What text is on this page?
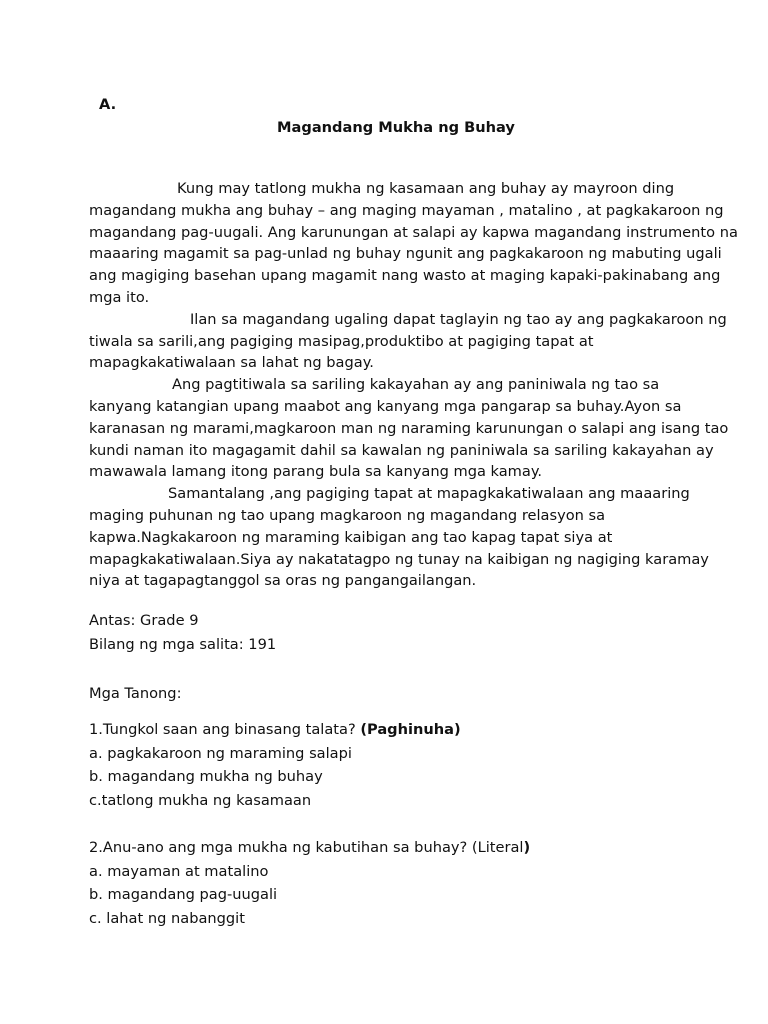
A.
Magandang Mukha ng Buhay

Kung may tatlong mukha ng kasamaan ang buhay ay mayroon ding

magandang mukha ang buhay – ang maging mayaman , matalino , at pagkakaroon ng

magandang pag-uugali. Ang karunungan at salapi ay kapwa magandang instrumento na

maaaring magamit sa pag-unlad ng buhay ngunit ang pagkakaroon ng mabuting ugali

ang magiging basehan upang magamit nang wasto at maging kapaki-pakinabang ang

mga ito.

Ilan sa magandang ugaling dapat taglayin ng tao ay ang pagkakaroon ng

tiwala sa sarili,ang pagiging masipag,produktibo at pagiging tapat at

mapagkakatiwalaan sa lahat ng bagay.

Ang pagtitiwala sa sariling kakayahan ay ang paniniwala ng tao sa

kanyang katangian upang maabot ang kanyang mga pangarap sa buhay.Ayon sa

karanasan ng marami,magkaroon man ng naraming karunungan o salapi ang isang tao

kundi naman ito magagamit dahil sa kawalan ng paniniwala sa sariling kakayahan ay

mawawala lamang itong parang bula sa kanyang mga kamay.

Samantalang ,ang pagiging tapat at mapagkakatiwalaan ang maaaring

maging puhunan ng tao upang magkaroon ng magandang relasyon sa

kapwa.Nagkakaroon ng maraming kaibigan ang tao kapag tapat siya at

mapagkakatiwalaan.Siya ay nakatatagpo ng tunay na kaibigan ng nagiging karamay

niya at tagapagtanggol sa oras ng pangangailangan.

Antas: Grade 9

Bilang ng mga salita: 191

Mga Tanong:

1.Tungkol saan ang binasang talata? (Paghinuha)

a. pagkakaroon ng maraming salapi

b. magandang mukha ng buhay

c.tatlong mukha ng kasamaan

2.Anu-ano ang mga mukha ng kabutihan sa buhay? (Literal)

a. mayaman at matalino

b. magandang pag-uugali

c. lahat ng nabanggit
